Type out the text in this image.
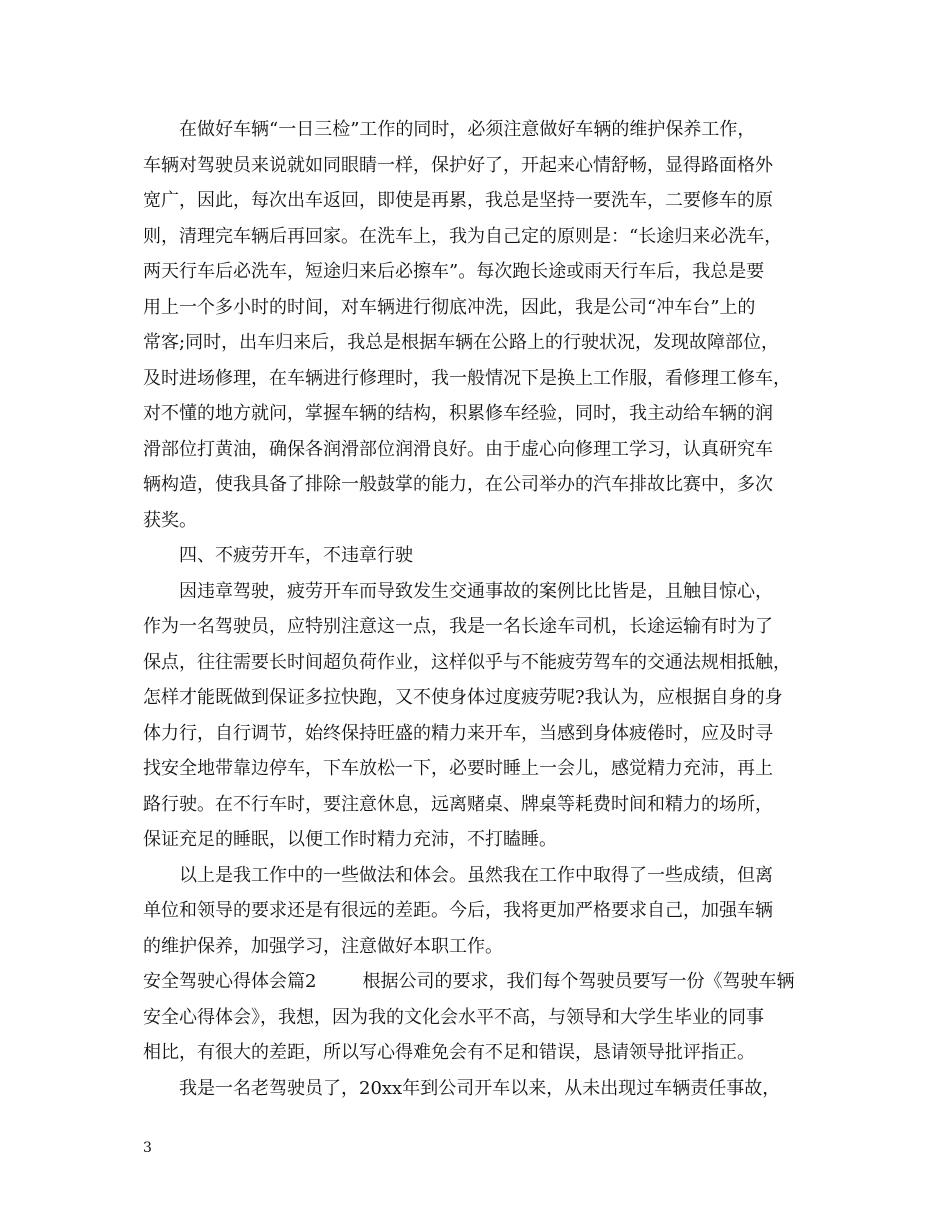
在做好车辆“一日三检”工作的同时，必须注意做好车辆的维护保养工作，
车辆对驾驶员来说就如同眼睛一样，保护好了，开起来心情舒畅，显得路面格外
宽广，因此，每次出车返回，即使是再累，我总是坚持一要洗车，二要修车的原
则，清理完车辆后再回家。在洗车上，我为自己定的原则是：“长途归来必洗车，
两天行车后必洗车，短途归来后必擦车”。每次跑长途或雨天行车后，我总是要
用上一个多小时的时间，对车辆进行彻底冲洗，因此，我是公司“冲车台”上的
常客;同时，出车归来后，我总是根据车辆在公路上的行驶状况，发现故障部位，
及时进场修理，在车辆进行修理时，我一般情况下是换上工作服，看修理工修车，
对不懂的地方就问，掌握车辆的结构，积累修车经验，同时，我主动给车辆的润
滑部位打黄油，确保各润滑部位润滑良好。由于虚心向修理工学习，认真研究车
辆构造，使我具备了排除一般鼓掌的能力，在公司举办的汽车排故比赛中，多次
获奖。
四、不疲劳开车，不违章行驶
因违章驾驶，疲劳开车而导致发生交通事故的案例比比皆是，且触目惊心，
作为一名驾驶员，应特别注意这一点，我是一名长途车司机，长途运输有时为了
保点，往往需要长时间超负荷作业，这样似乎与不能疲劳驾车的交通法规相抵触，
怎样才能既做到保证多拉快跑，又不使身体过度疲劳呢?我认为，应根据自身的身
体力行，自行调节，始终保持旺盛的精力来开车，当感到身体疲倦时，应及时寻
找安全地带靠边停车，下车放松一下，必要时睡上一会儿，感觉精力充沛，再上
路行驶。在不行车时，要注意休息，远离赌桌、牌桌等耗费时间和精力的场所，
保证充足的睡眠，以便工作时精力充沛，不打瞌睡。
以上是我工作中的一些做法和体会。虽然我在工作中取得了一些成绩，但离
单位和领导的要求还是有很远的差距。今后，我将更加严格要求自己，加强车辆
的维护保养，加强学习，注意做好本职工作。
安全驾驶心得体会篇2	根据公司的要求，我们每个驾驶员要写一份《驾驶车辆
安全心得体会》，我想，因为我的文化会水平不高，与领导和大学生毕业的同事
相比，有很大的差距，所以写心得难免会有不足和错误，恳请领导批评指正。
我是一名老驾驶员了，20xx年到公司开车以来，从未出现过车辆责任事故，
3
